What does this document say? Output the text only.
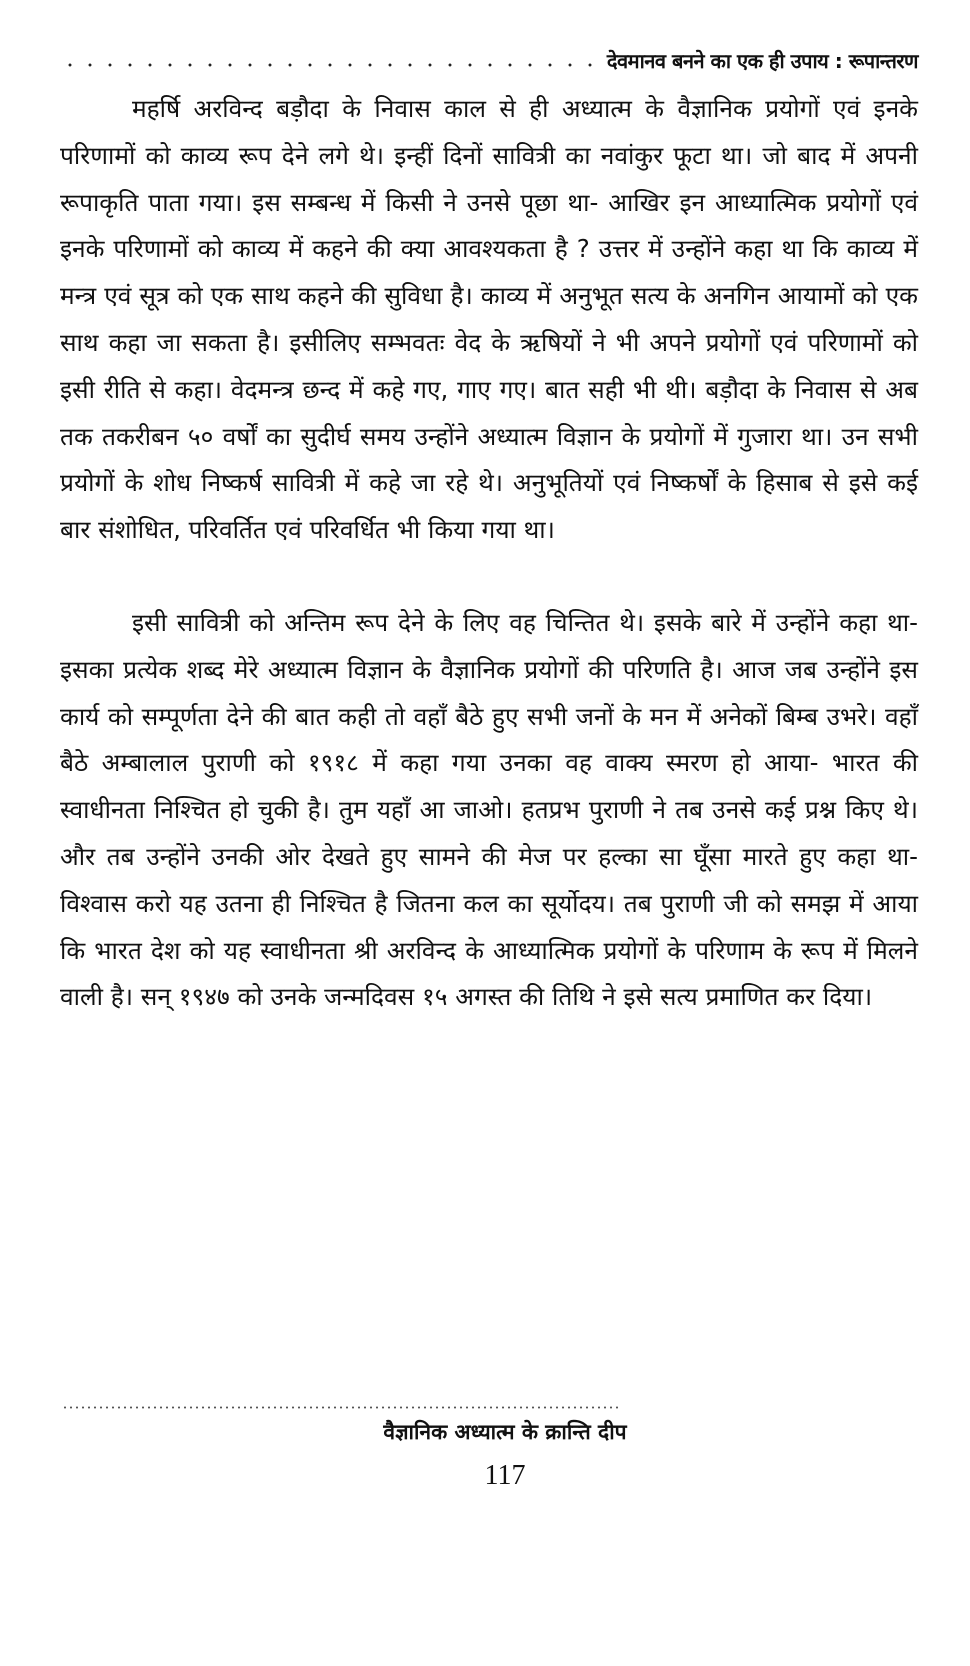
देवमानव बनने का एक ही उपाय : रूपान्तरण

महर्षि अरविन्द बड़ौदा के निवास काल से ही अध्यात्म के वैज्ञानिक प्रयोगों एवं इनके परिणामों को काव्य रूप देने लगे थे। इन्हीं दिनों सावित्री का नवांकुर फूटा था। जो बाद में अपनी रूपाकृति पाता गया। इस सम्बन्ध में किसी ने उनसे पूछा था- आखिर इन आध्यात्मिक प्रयोगों एवं इनके परिणामों को काव्य में कहने की क्या आवश्यकता है ? उत्तर में उन्होंने कहा था कि काव्य में मन्त्र एवं सूत्र को एक साथ कहने की सुविधा है। काव्य में अनुभूत सत्य के अनगिन आयामों को एक साथ कहा जा सकता है। इसीलिए सम्भवतः वेद के ऋषियों ने भी अपने प्रयोगों एवं परिणामों को इसी रीति से कहा। वेदमन्त्र छन्द में कहे गए, गाए गए। बात सही भी थी। बड़ौदा के निवास से अब तक तकरीबन ५० वर्षों का सुदीर्घ समय उन्होंने अध्यात्म विज्ञान के प्रयोगों में गुजारा था। उन सभी प्रयोगों के शोध निष्कर्ष सावित्री में कहे जा रहे थे। अनुभूतियों एवं निष्कर्षों के हिसाब से इसे कई बार संशोधित, परिवर्तित एवं परिवर्धित भी किया गया था।

इसी सावित्री को अन्तिम रूप देने के लिए वह चिन्तित थे। इसके बारे में उन्होंने कहा था- इसका प्रत्येक शब्द मेरे अध्यात्म विज्ञान के वैज्ञानिक प्रयोगों की परिणति है। आज जब उन्होंने इस कार्य को सम्पूर्णता देने की बात कही तो वहाँ बैठे हुए सभी जनों के मन में अनेकों बिम्ब उभरे। वहाँ बैठे अम्बालाल पुराणी को १९१८ में कहा गया उनका वह वाक्य स्मरण हो आया- भारत की स्वाधीनता निश्चित हो चुकी है। तुम यहाँ आ जाओ। हतप्रभ पुराणी ने तब उनसे कई प्रश्न किए थे। और तब उन्होंने उनकी ओर देखते हुए सामने की मेज पर हल्का सा घूँसा मारते हुए कहा था- विश्वास करो यह उतना ही निश्चित है जितना कल का सूर्योदय। तब पुराणी जी को समझ में आया कि भारत देश को यह स्वाधीनता श्री अरविन्द के आध्यात्मिक प्रयोगों के परिणाम के रूप में मिलने वाली है। सन् १९४७ को उनके जन्मदिवस १५ अगस्त की तिथि ने इसे सत्य प्रमाणित कर दिया।

वैज्ञानिक अध्यात्म के क्रान्ति दीप
117
